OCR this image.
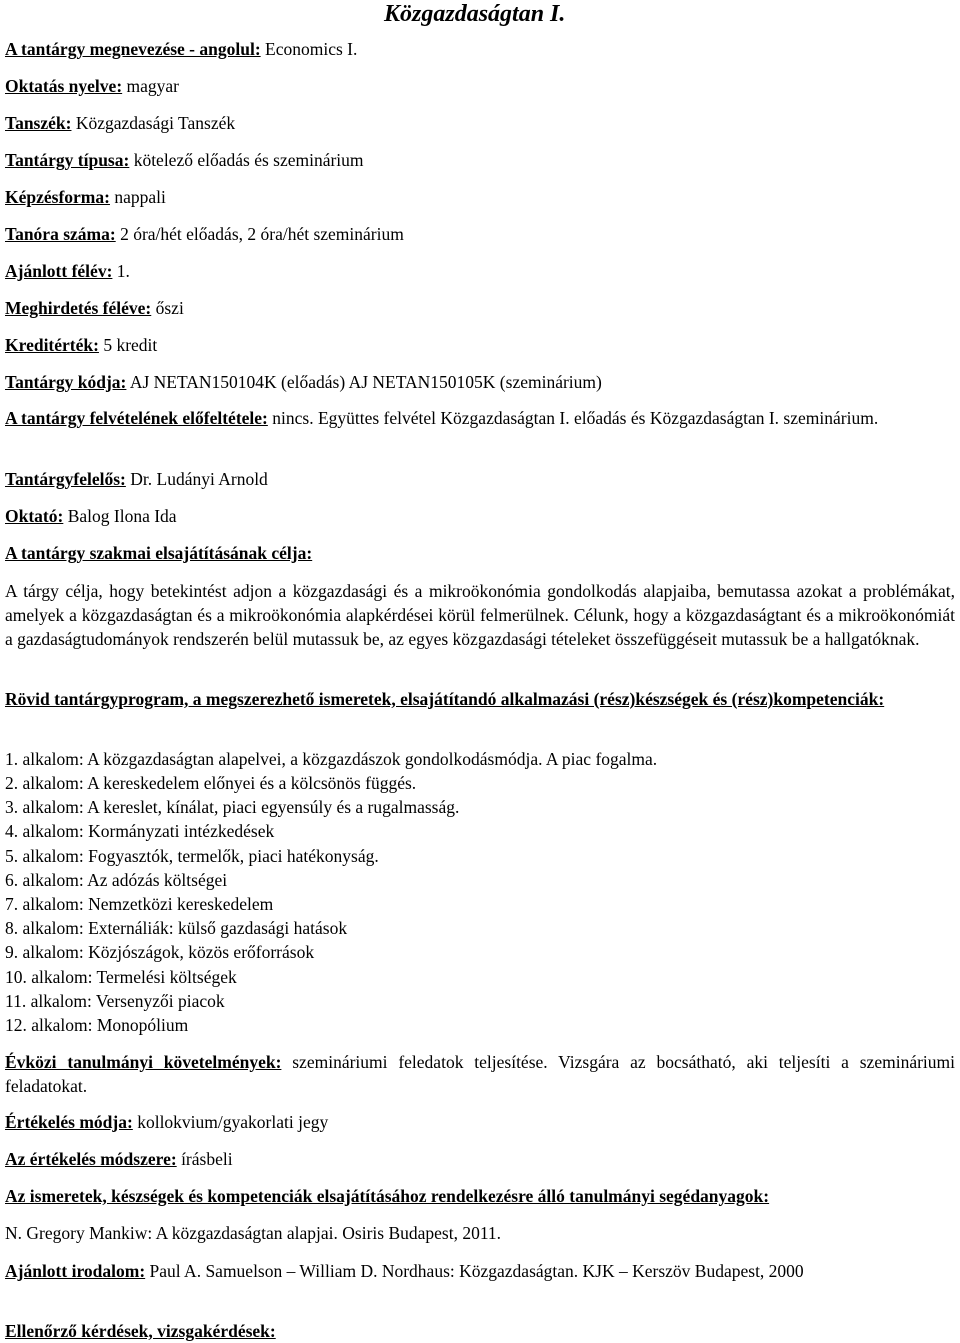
Közgazdaságtan I.
A tantárgy megnevezése - angolul: Economics I.
Oktatás nyelve: magyar
Tanszék: Közgazdasági Tanszék
Tantárgy típusa: kötelező előadás és szeminárium
Képzésforma: nappali
Tanóra száma: 2 óra/hét előadás, 2 óra/hét szeminárium
Ajánlott félév: 1.
Meghirdetés féléve: őszi
Kreditérték: 5 kredit
Tantárgy kódja: AJ NETAN150104K (előadás) AJ NETAN150105K (szeminárium)
A tantárgy felvételének előfeltétele: nincs. Együttes felvétel Közgazdaságtan I. előadás és Közgazdaságtan I. szeminárium.
Tantárgyfelelős: Dr. Ludányi Arnold
Oktató: Balog Ilona Ida
A tantárgy szakmai elsajátításának célja:
A tárgy célja, hogy betekintést adjon a közgazdasági és a mikroökonómia gondolkodás alapjaiba, bemutassa azokat a problémákat, amelyek a közgazdaságtan és a mikroökonómia alapkérdései körül felmerülnek. Célunk, hogy a közgazdaságtant és a mikroökonómiát a gazdaságtudományok rendszerén belül mutassuk be, az egyes közgazdasági tételeket összefüggéseit mutassuk be a hallgatóknak.
Rövid tantárgyprogram, a megszerezhető ismeretek, elsajátítandó alkalmazási (rész)készségek és (rész)kompetenciák:
1. alkalom: A közgazdaságtan alapelvei, a közgazdászok gondolkodásmódja. A piac fogalma.
2. alkalom: A kereskedelem előnyei és a kölcsönös függés.
3. alkalom: A kereslet, kínálat, piaci egyensúly és a rugalmasság.
4. alkalom: Kormányzati intézkedések
5. alkalom: Fogyasztók, termelők, piaci hatékonyság.
6. alkalom: Az adózás költségei
7. alkalom: Nemzetközi kereskedelem
8. alkalom: Externáliák: külső gazdasági hatások
9. alkalom: Közjószágok, közös erőforrások
10. alkalom: Termelési költségek
11. alkalom: Versenyzői piacok
12. alkalom: Monopólium
Évközi tanulmányi követelmények: szemináriumi feledatok teljesítése. Vizsgára az bocsátható, aki teljesíti a szemináriumi feladatokat.
Értékelés módja: kollokvium/gyakorlati jegy
Az értékelés módszere: írásbeli
Az ismeretek, készségek és kompetenciák elsajátításához rendelkezésre álló tanulmányi segédanyagok:
N. Gregory Mankiw: A közgazdaságtan alapjai. Osiris Budapest, 2011.
Ajánlott irodalom: Paul A. Samuelson – William D. Nordhaus: Közgazdaságtan. KJK – Kerszöv Budapest, 2000
Ellenőrző kérdések, vizsgakérdések:
